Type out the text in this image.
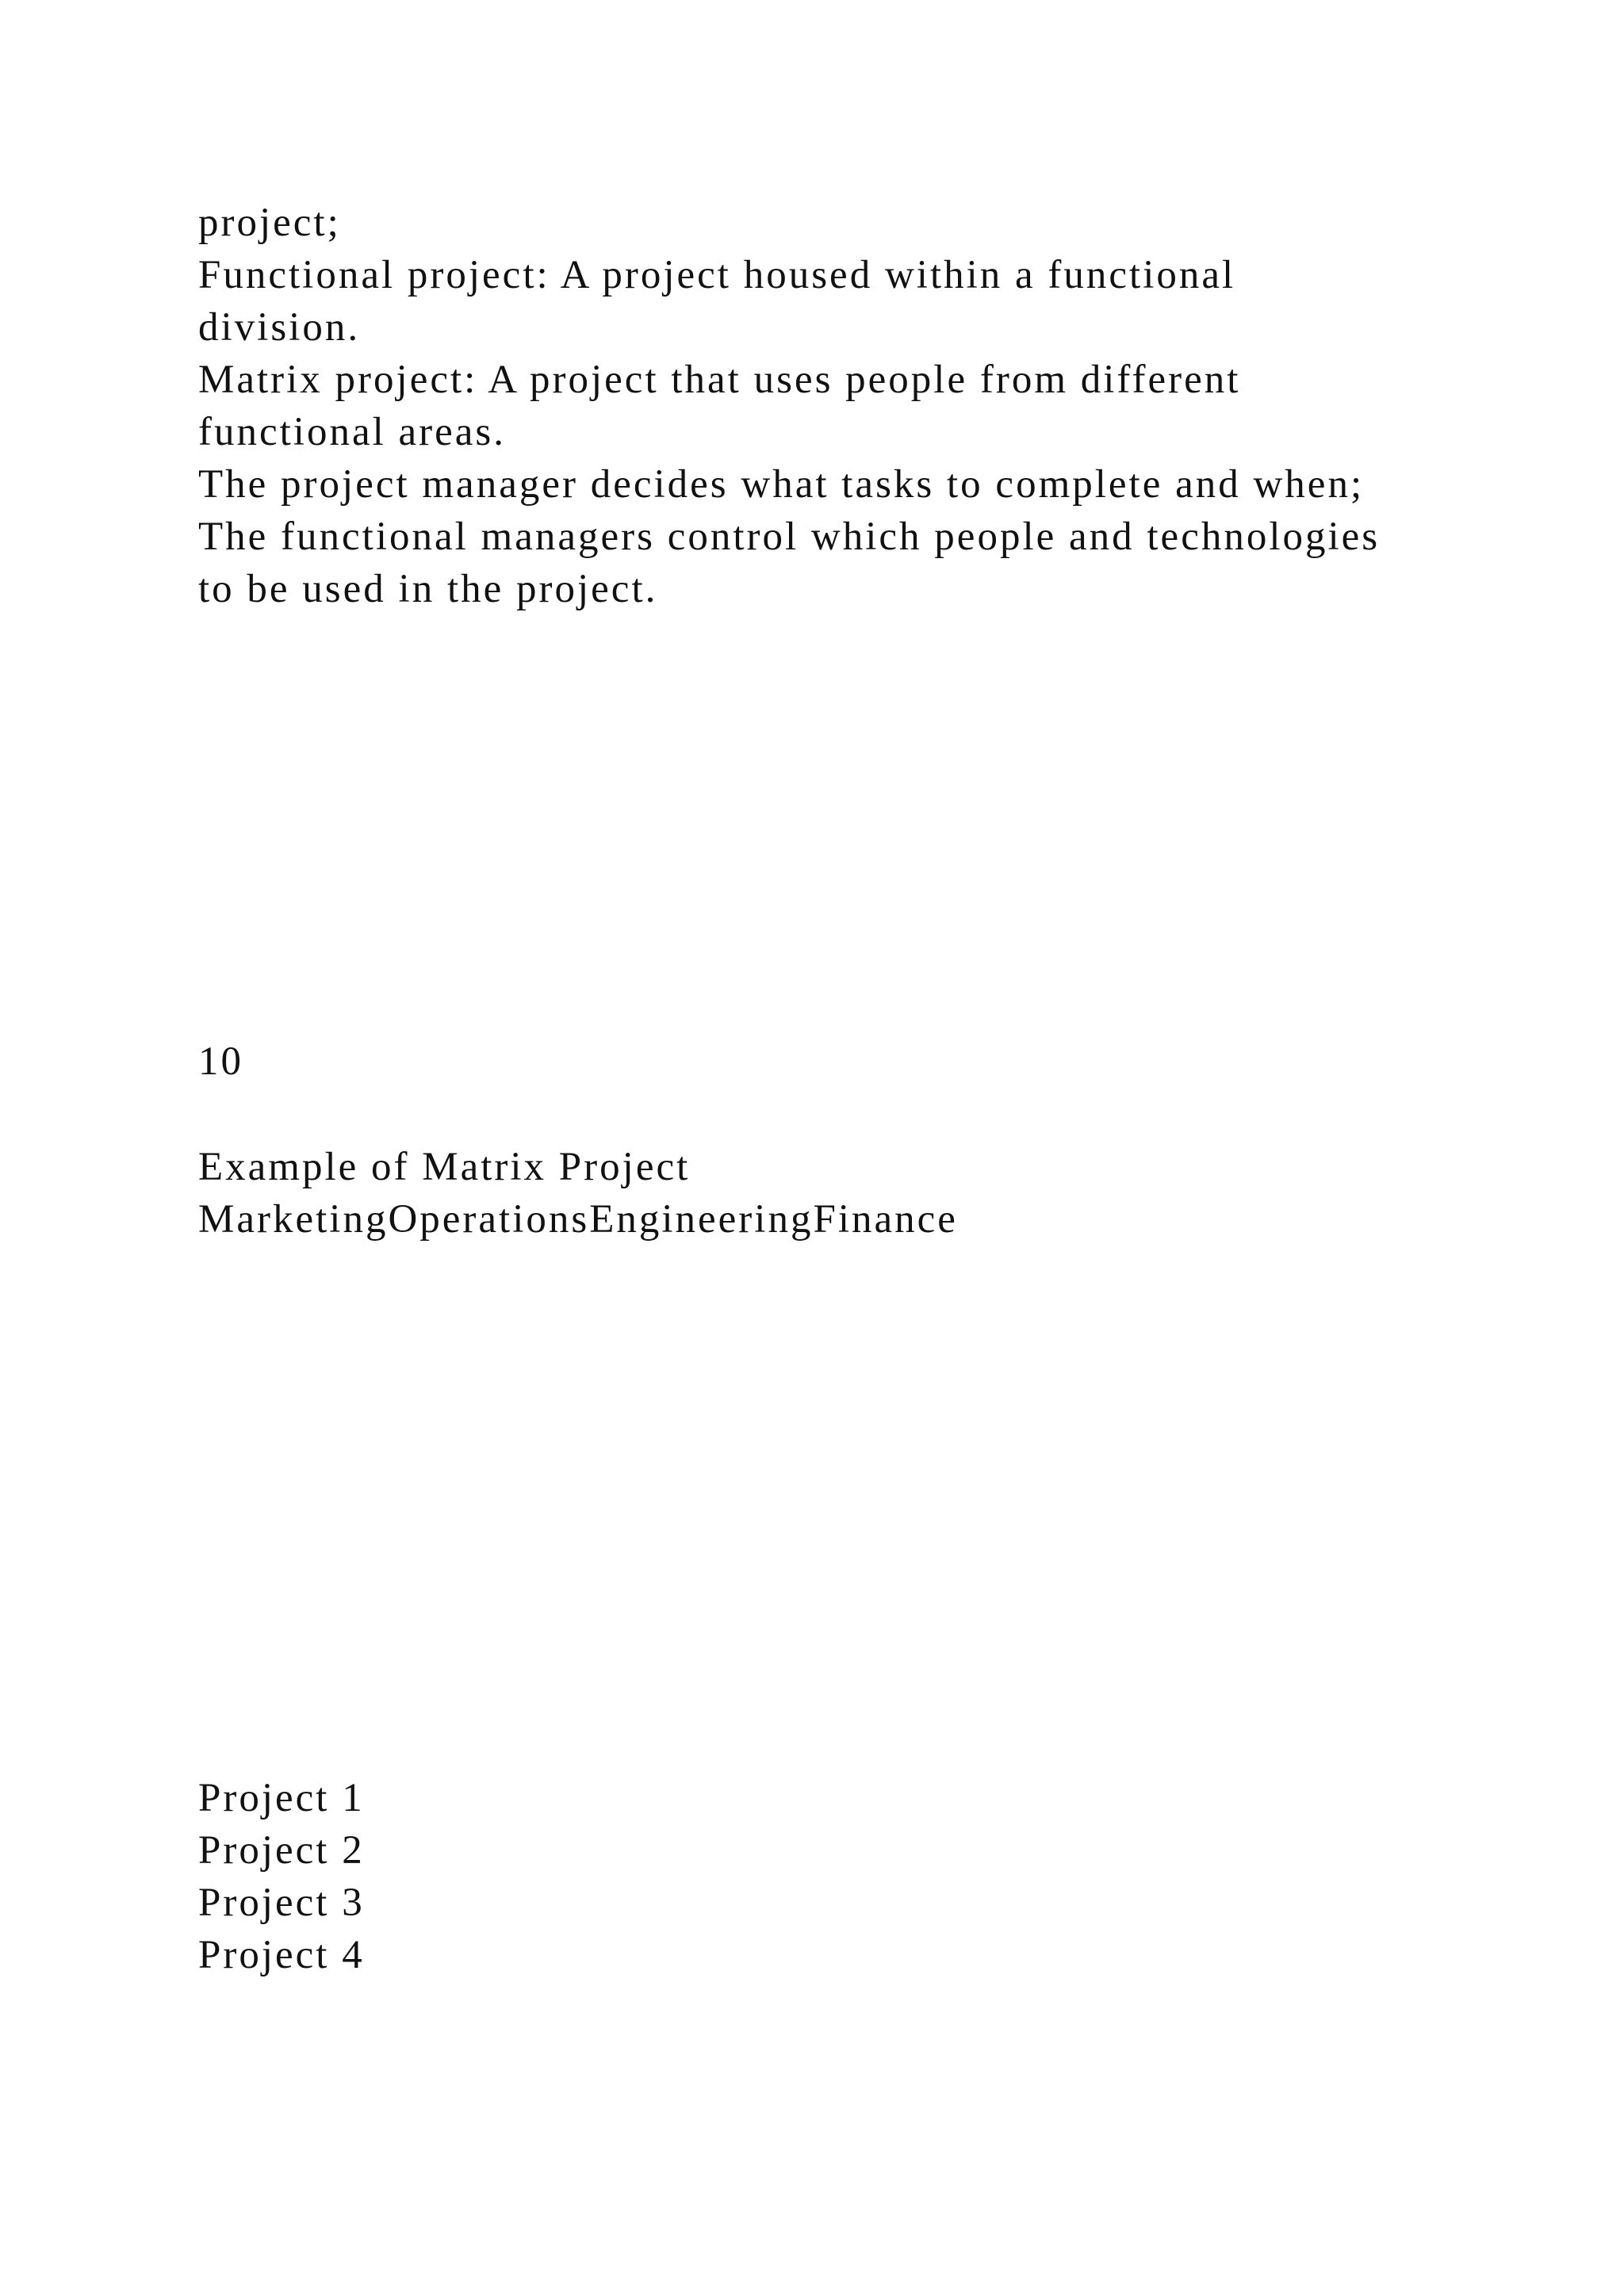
project;
Functional project: A project housed within a functional
division.
Matrix project: A project that uses people from different
functional areas.
The project manager decides what tasks to complete and when;
The functional managers control which people and technologies
to be used in the project.
10
Example of Matrix Project
MarketingOperationsEngineeringFinance
Project 1
Project 2
Project 3
Project 4
